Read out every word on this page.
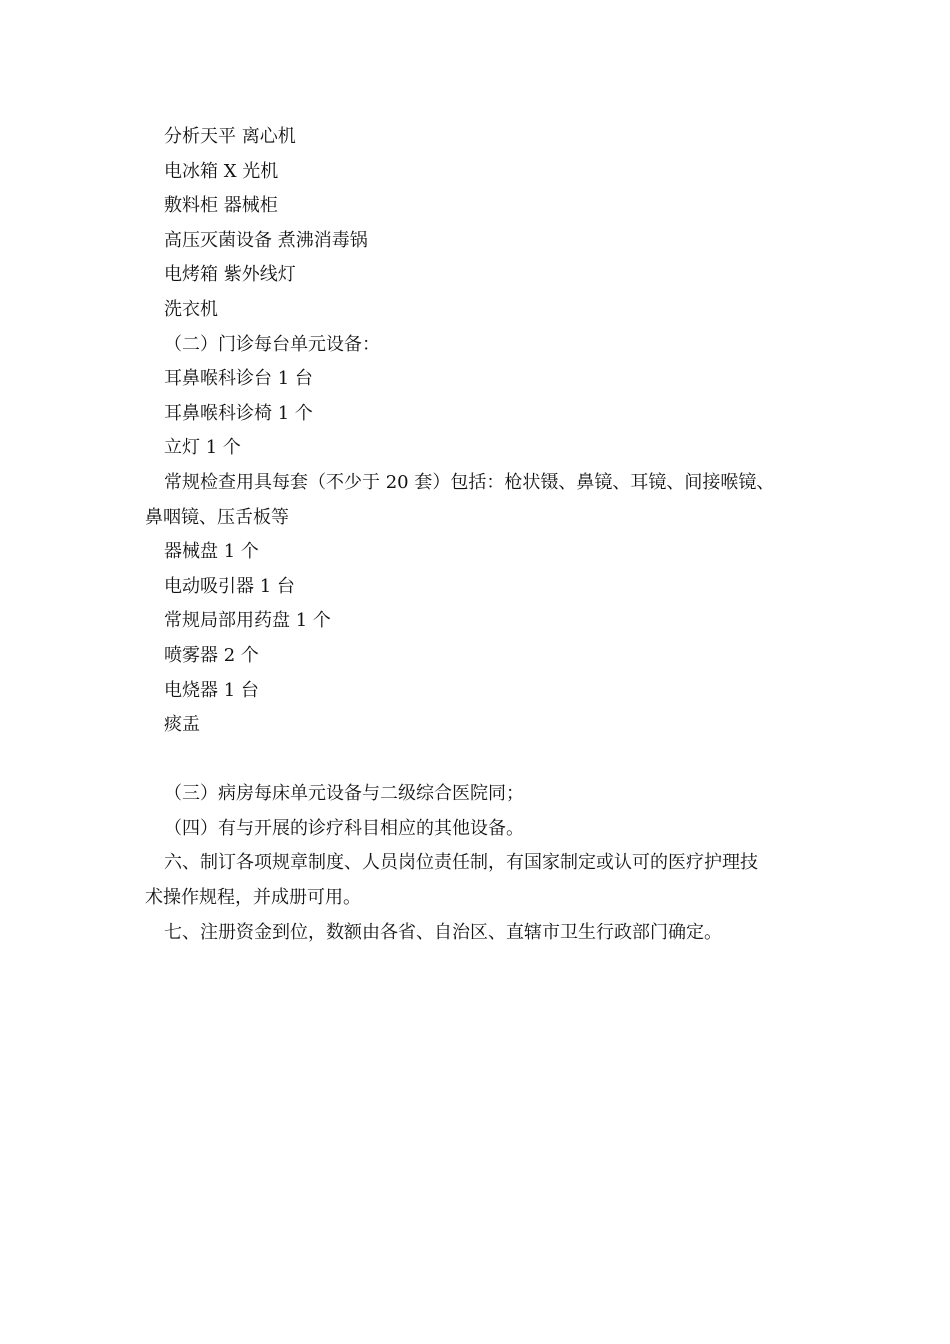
分析天平 离心机
电冰箱 X 光机
敷料柜 器械柜
高压灭菌设备 煮沸消毒锅
电烤箱 紫外线灯
洗衣机
（二）门诊每台单元设备：
耳鼻喉科诊台 1 台
耳鼻喉科诊椅 1 个
立灯 1 个
常规检查用具每套（不少于 20 套）包括：枪状镊、鼻镜、耳镜、间接喉镜、
鼻咽镜、压舌板等
器械盘 1 个
电动吸引器 1 台
常规局部用药盘 1 个
喷雾器 2 个
电烧器 1 台
痰盂
（三）病房每床单元设备与二级综合医院同；
（四）有与开展的诊疗科目相应的其他设备。
六、制订各项规章制度、人员岗位责任制，有国家制定或认可的医疗护理技
术操作规程，并成册可用。
七、注册资金到位，数额由各省、自治区、直辖市卫生行政部门确定。
